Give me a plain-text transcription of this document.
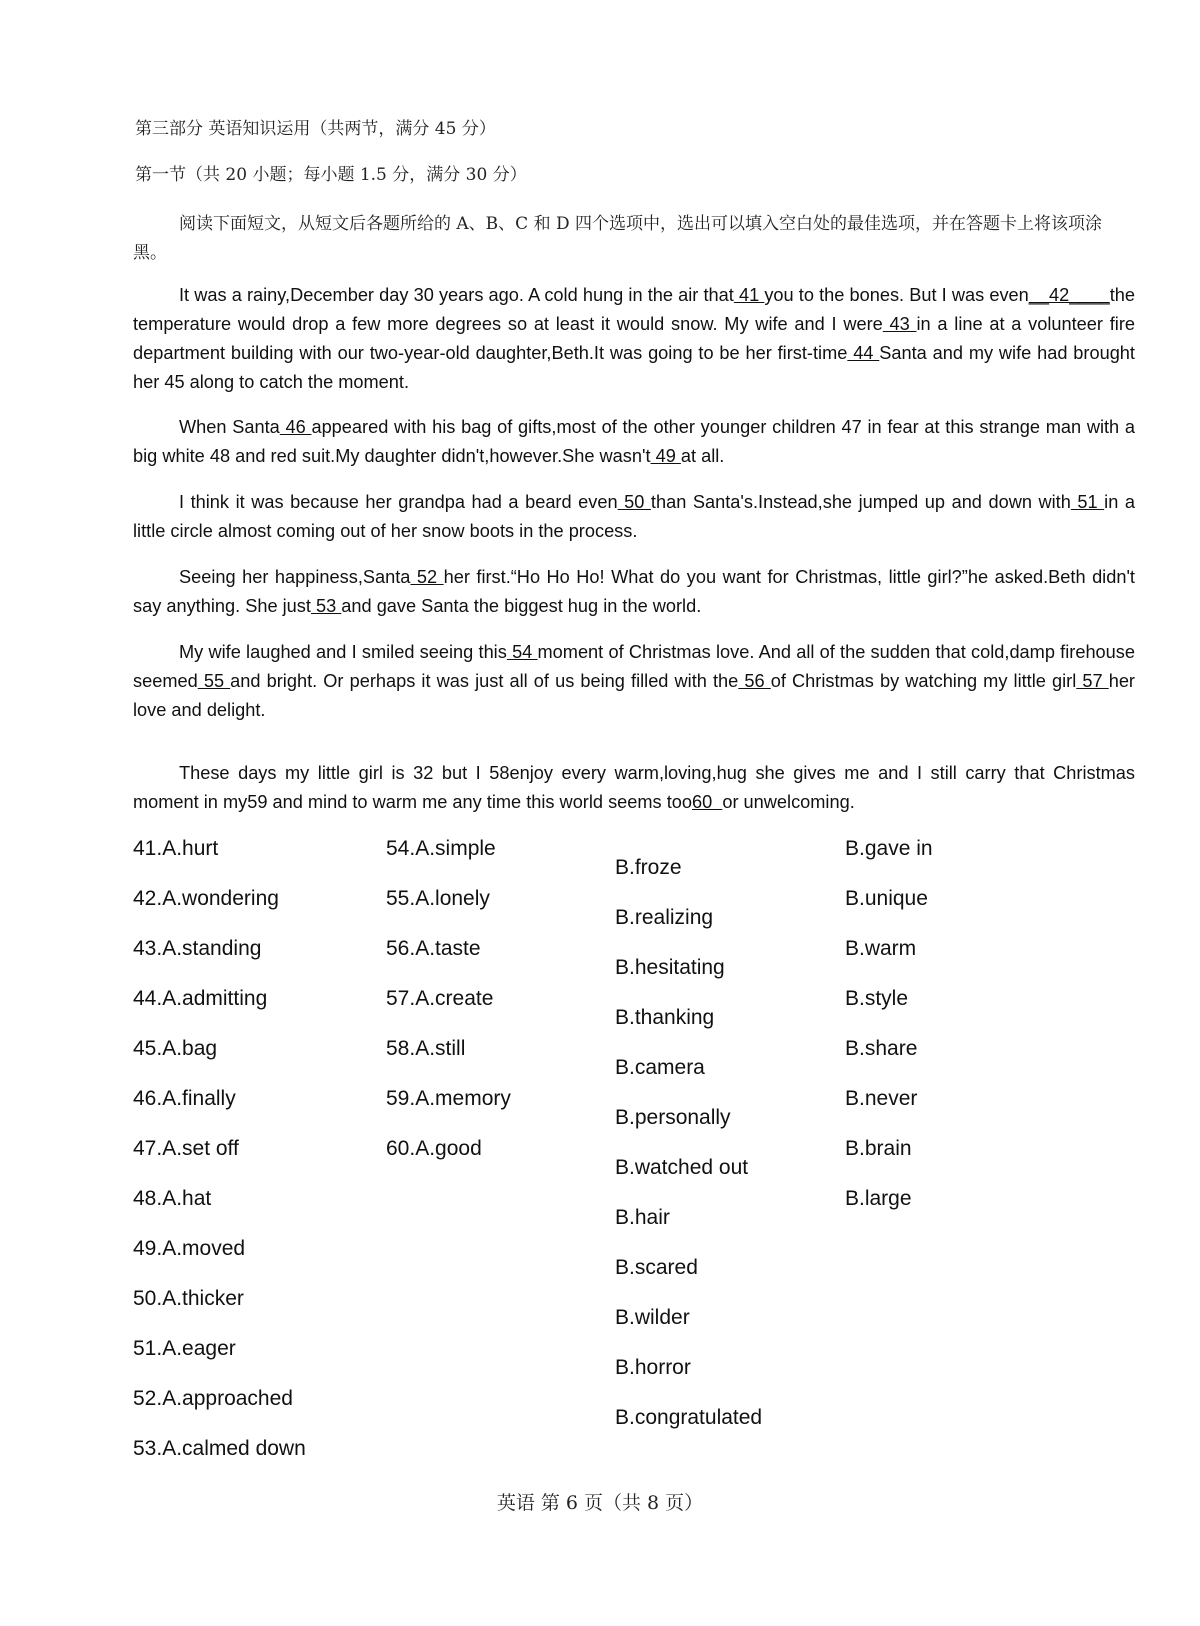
第三部分 英语知识运用（共两节，满分 45 分）
第一节（共 20 小题；每小题 1.5 分，满分 30 分）

阅读下面短文，从短文后各题所给的 A、B、C 和 D 四个选项中，选出可以填入空白处的最佳选项，并在答题卡上将该项涂黑。

It was a rainy,December day 30 years ago. A cold hung in the air that 41 you to the bones. But I was even__42____the temperature would drop a few more degrees so at least it would snow. My wife and I were 43 in a line at a volunteer fire department building with our two-year-old daughter,Beth.It was going to be her first-time 44 Santa and my wife had brought her 45 along to catch the moment.

When Santa 46 appeared with his bag of gifts,most of the other younger children 47 in fear at this strange man with a big white 48 and red suit.My daughter didn't,however.She wasn't 49 at all.

I think it was because her grandpa had a beard even 50 than Santa's.Instead,she jumped up and down with 51 in a little circle almost coming out of her snow boots in the process.

Seeing her happiness,Santa 52 her first.“Ho Ho Ho! What do you want for Christmas, little girl?”he asked.Beth didn't say anything. She just 53 and gave Santa the biggest hug in the world.

My wife laughed and I smiled seeing this 54 moment of Christmas love. And all of the sudden that cold,damp firehouse seemed 55 and bright. Or perhaps it was just all of us being filled with the 56 of Christmas by watching my little girl 57 her love and delight.

These days my little girl is 32 but I 58enjoy every warm,loving,hug she gives me and I still carry that Christmas moment in my59 and mind to warm me any time this world seems too60  or unwelcoming.

41.A.hurt
42.A.wondering
43.A.standing
44.A.admitting
45.A.bag
46.A.finally
47.A.set off
48.A.hat
49.A.moved
50.A.thicker
51.A.eager
52.A.approached
53.A.calmed down
54.A.simple
55.A.lonely
56.A.taste
57.A.create
58.A.still
59.A.memory
60.A.good
B.froze
B.realizing
B.hesitating
B.thanking
B.camera
B.personally
B.watched out
B.hair
B.scared
B.wilder
B.horror
B.congratulated
B.gave in
B.unique
B.warm
B.style
B.share
B.never
B.brain
B.large
英语 第 6 页（共 8 页）
